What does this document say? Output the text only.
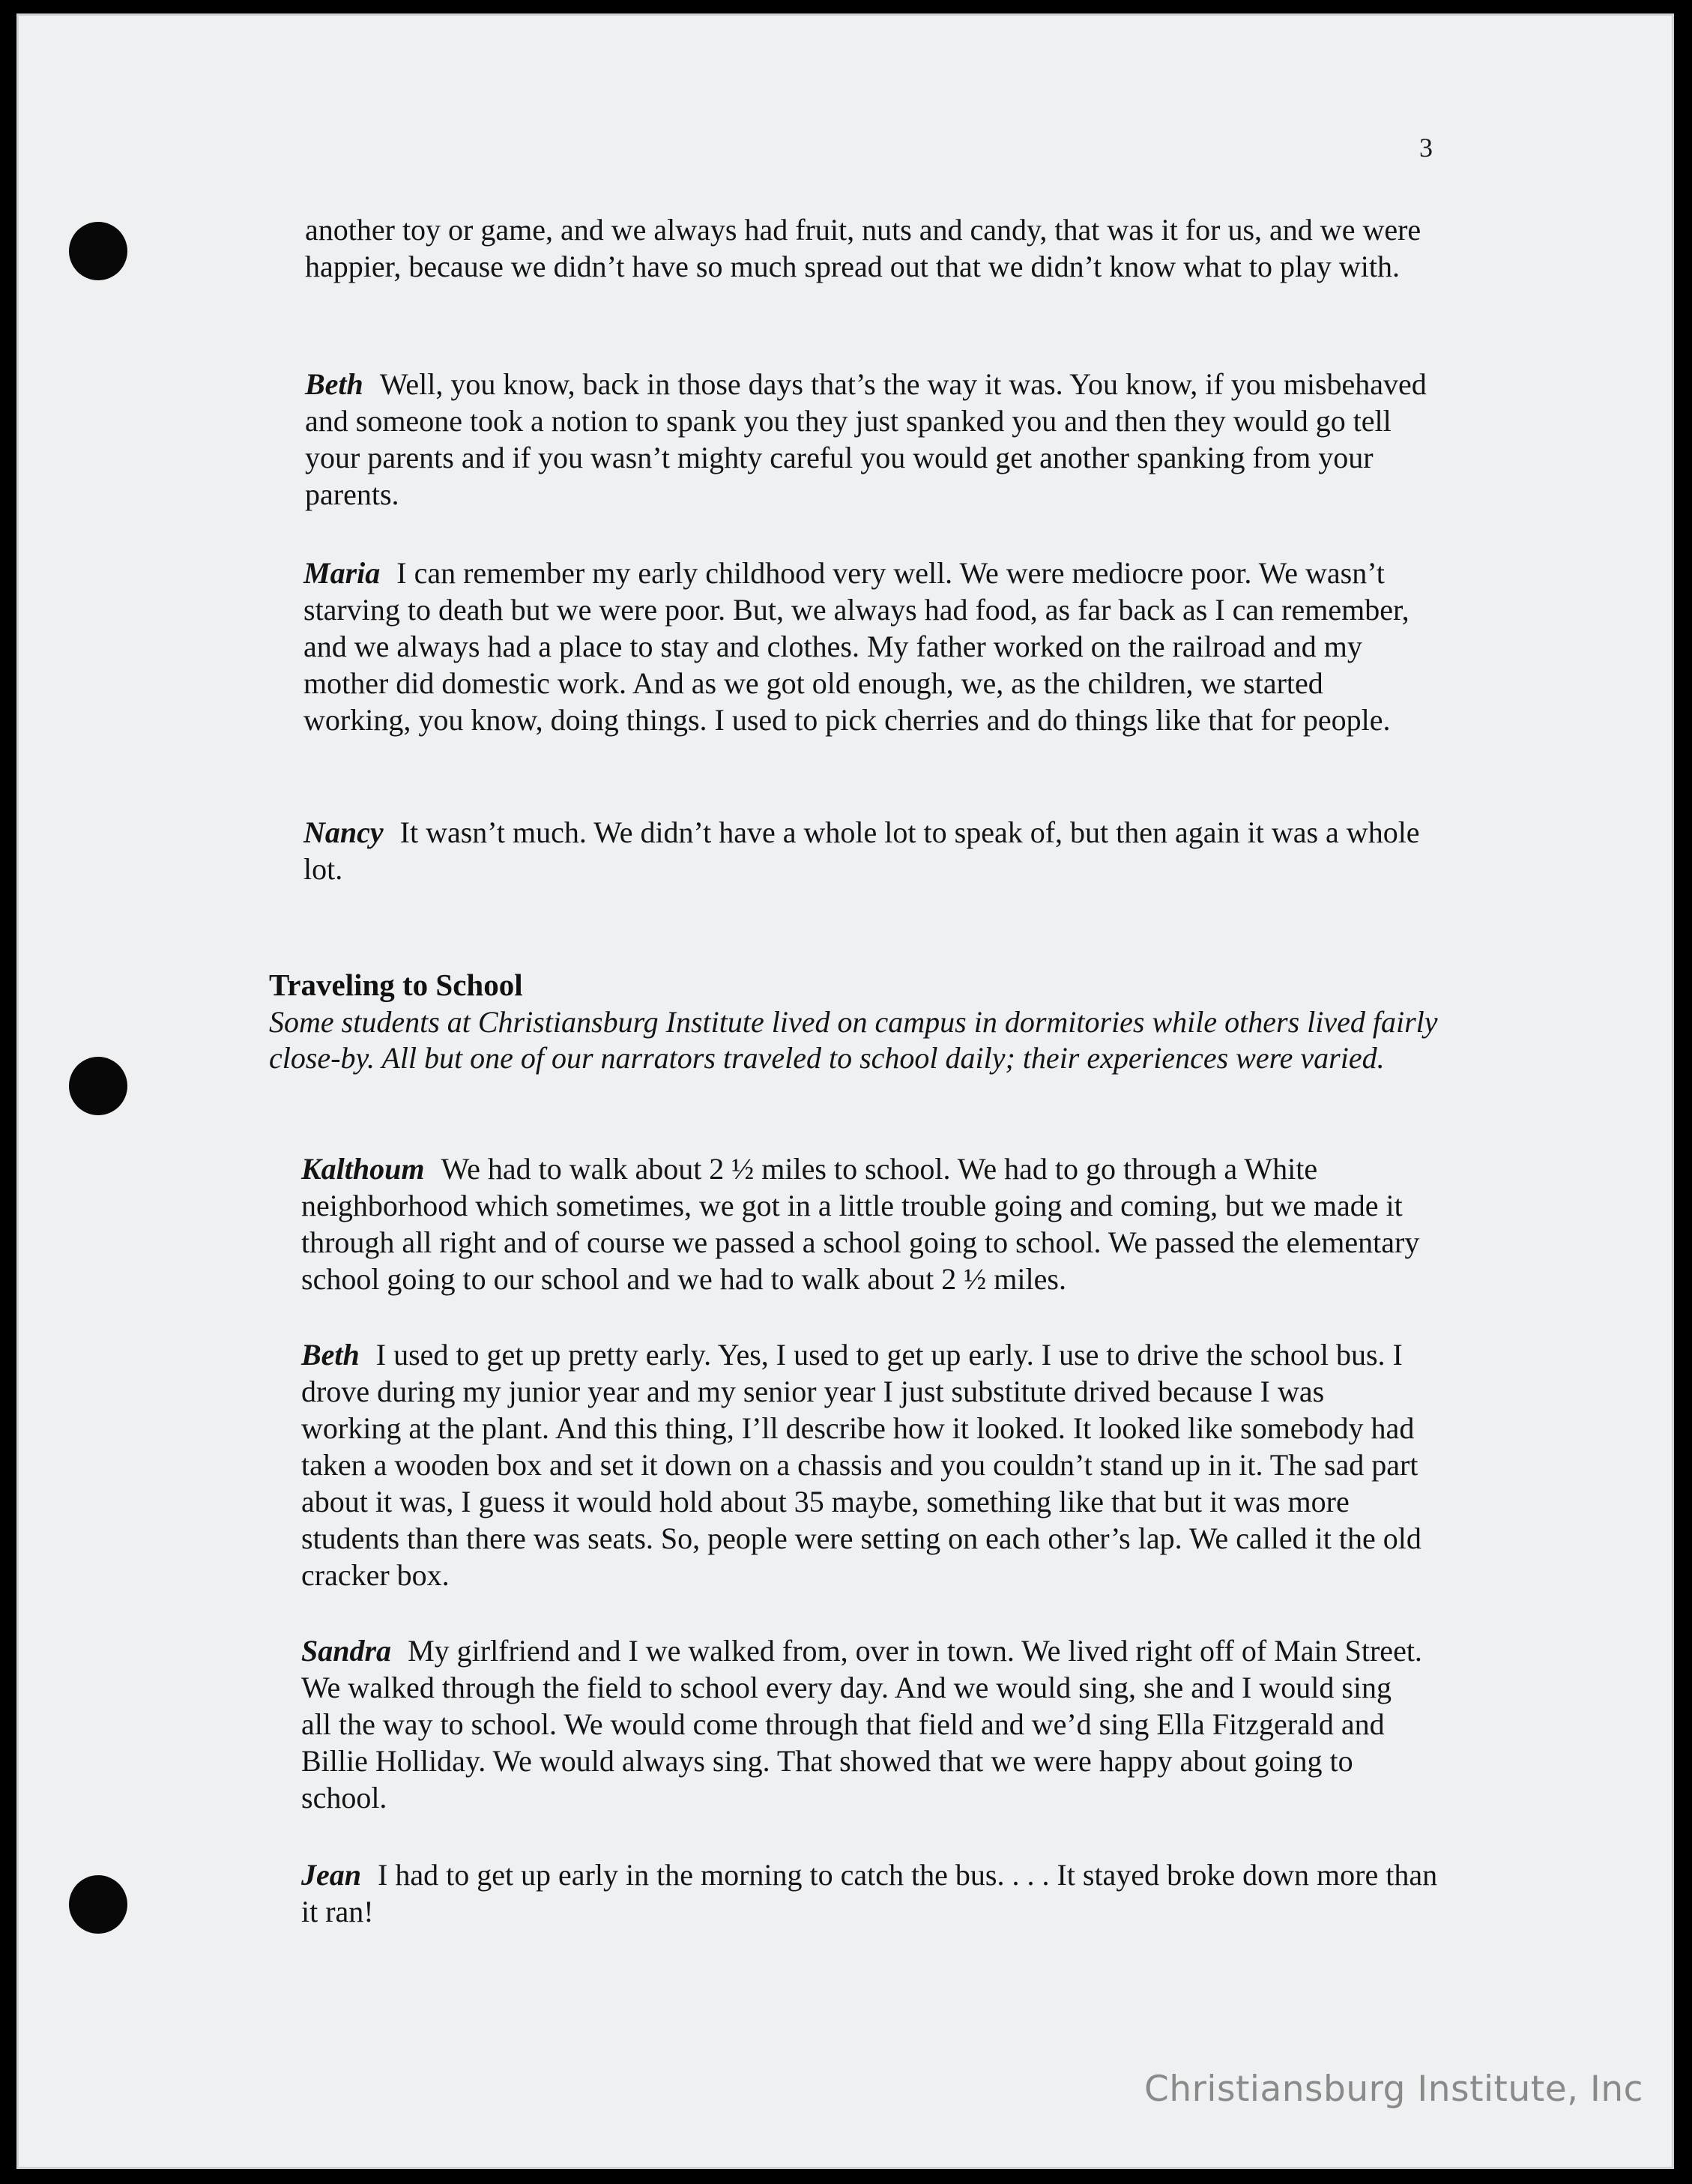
3

another toy or game, and we always had fruit, nuts and candy, that was it for us, and we were happier, because we didn’t have so much spread out that we didn’t know what to play with.

Beth Well, you know, back in those days that’s the way it was. You know, if you misbehaved and someone took a notion to spank you they just spanked you and then they would go tell your parents and if you wasn’t mighty careful you would get another spanking from your parents.

Maria I can remember my early childhood very well. We were mediocre poor. We wasn’t starving to death but we were poor. But, we always had food, as far back as I can remember, and we always had a place to stay and clothes. My father worked on the railroad and my mother did domestic work. And as we got old enough, we, as the children, we started working, you know, doing things. I used to pick cherries and do things like that for people.

Nancy It wasn’t much. We didn’t have a whole lot to speak of, but then again it was a whole lot.

Traveling to School

Some students at Christiansburg Institute lived on campus in dormitories while others lived fairly close-by. All but one of our narrators traveled to school daily; their experiences were varied.

Kalthoum We had to walk about 2 ½ miles to school. We had to go through a White neighborhood which sometimes, we got in a little trouble going and coming, but we made it through all right and of course we passed a school going to school. We passed the elementary school going to our school and we had to walk about 2 ½ miles.

Beth I used to get up pretty early. Yes, I used to get up early. I use to drive the school bus. I drove during my junior year and my senior year I just substitute drived because I was working at the plant. And this thing, I’ll describe how it looked. It looked like somebody had taken a wooden box and set it down on a chassis and you couldn’t stand up in it. The sad part about it was, I guess it would hold about 35 maybe, something like that but it was more students than there was seats. So, people were setting on each other’s lap. We called it the old cracker box.

Sandra My girlfriend and I we walked from, over in town. We lived right off of Main Street. We walked through the field to school every day. And we would sing, she and I would sing all the way to school. We would come through that field and we’d sing Ella Fitzgerald and Billie Holliday. We would always sing. That showed that we were happy about going to school.

Jean I had to get up early in the morning to catch the bus. . . . It stayed broke down more than it ran!

Christiansburg Institute, Inc
